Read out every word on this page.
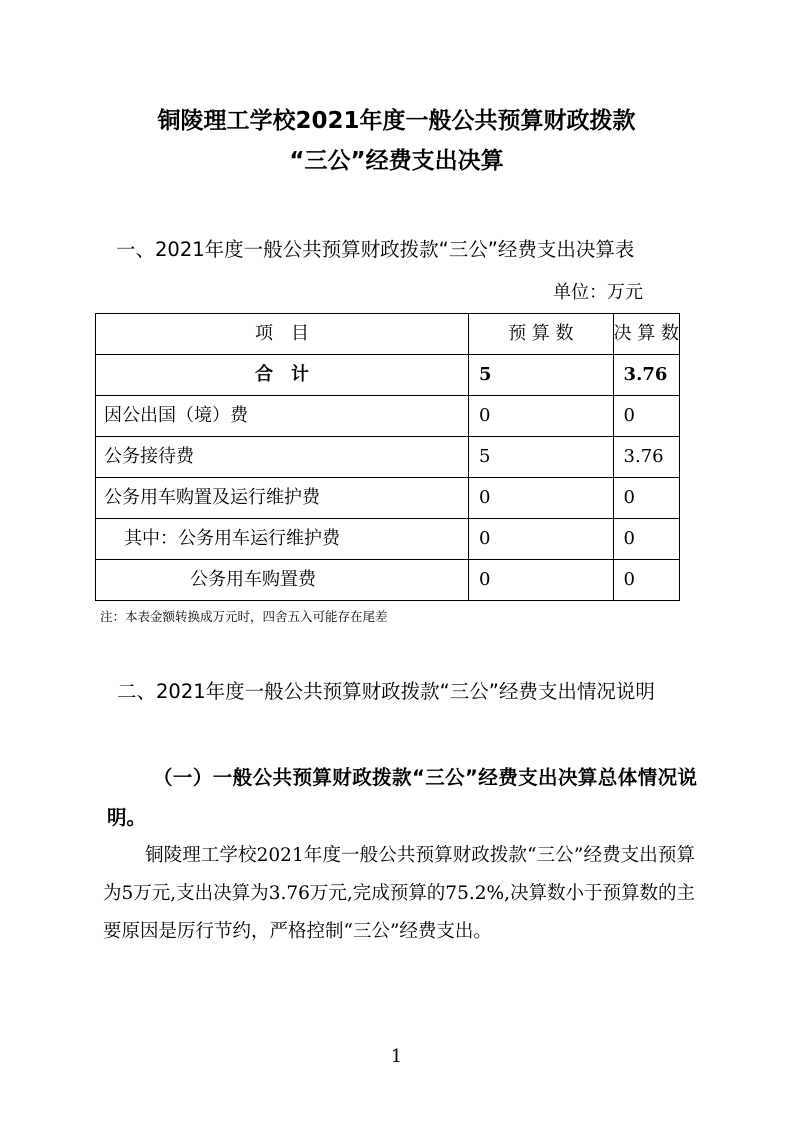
铜陵理工学校2021年度一般公共预算财政拨款
“三公”经费支出决算
一、2021年度一般公共预算财政拨款“三公”经费支出决算表
单位：万元
项　目	预 算 数	决 算 数
合　计	5	3.76
因公出国（境）费	0	0
公务接待费	5	3.76
公务用车购置及运行维护费	0	0
其中：公务用车运行维护费	0	0
公务用车购置费	0	0
注：本表金额转换成万元时，四舍五入可能存在尾差
二、2021年度一般公共预算财政拨款“三公”经费支出情况说明
（一）一般公共预算财政拨款“三公”经费支出决算总体情况说明。
铜陵理工学校2021年度一般公共预算财政拨款“三公”经费支出预算为5万元,支出决算为3.76万元,完成预算的75.2%,决算数小于预算数的主要原因是厉行节约，严格控制“三公”经费支出。
1
